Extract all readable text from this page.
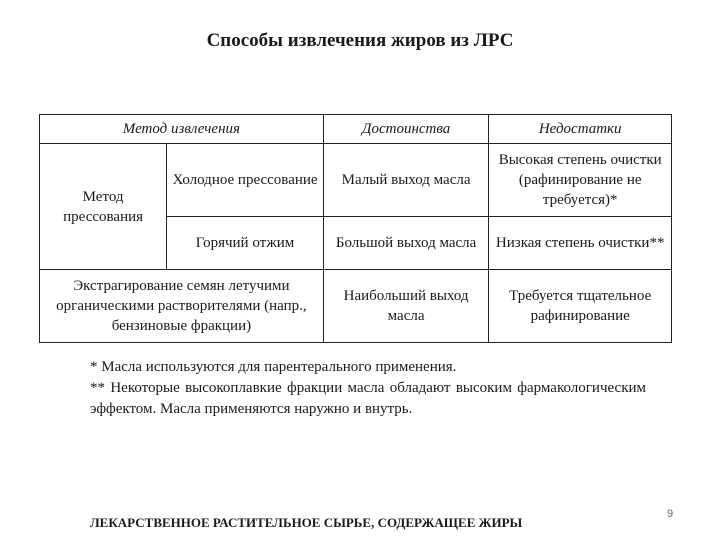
Способы извлечения жиров из ЛРС
Метод извлечения		Достоинства	Недостатки
Метод прессования	Холодное прессование	Малый выход масла	Высокая степень очистки (рафинирование не требуется)*
	Горячий отжим	Большой выход масла	Низкая степень очистки**
Экстрагирование семян летучими органическими растворителями (напр., бензиновые фракции)		Наибольший выход масла	Требуется тщательное рафинирование

* Масла используются для парентерального применения.

** Некоторые высокоплавкие фракции масла обладают высоким фармакологическим эффектом. Масла применяются наружно и внутрь.

ЛЕКАРСТВЕННОЕ РАСТИТЕЛЬНОЕ СЫРЬЕ, СОДЕРЖАЩЕЕ ЖИРЫ
9
